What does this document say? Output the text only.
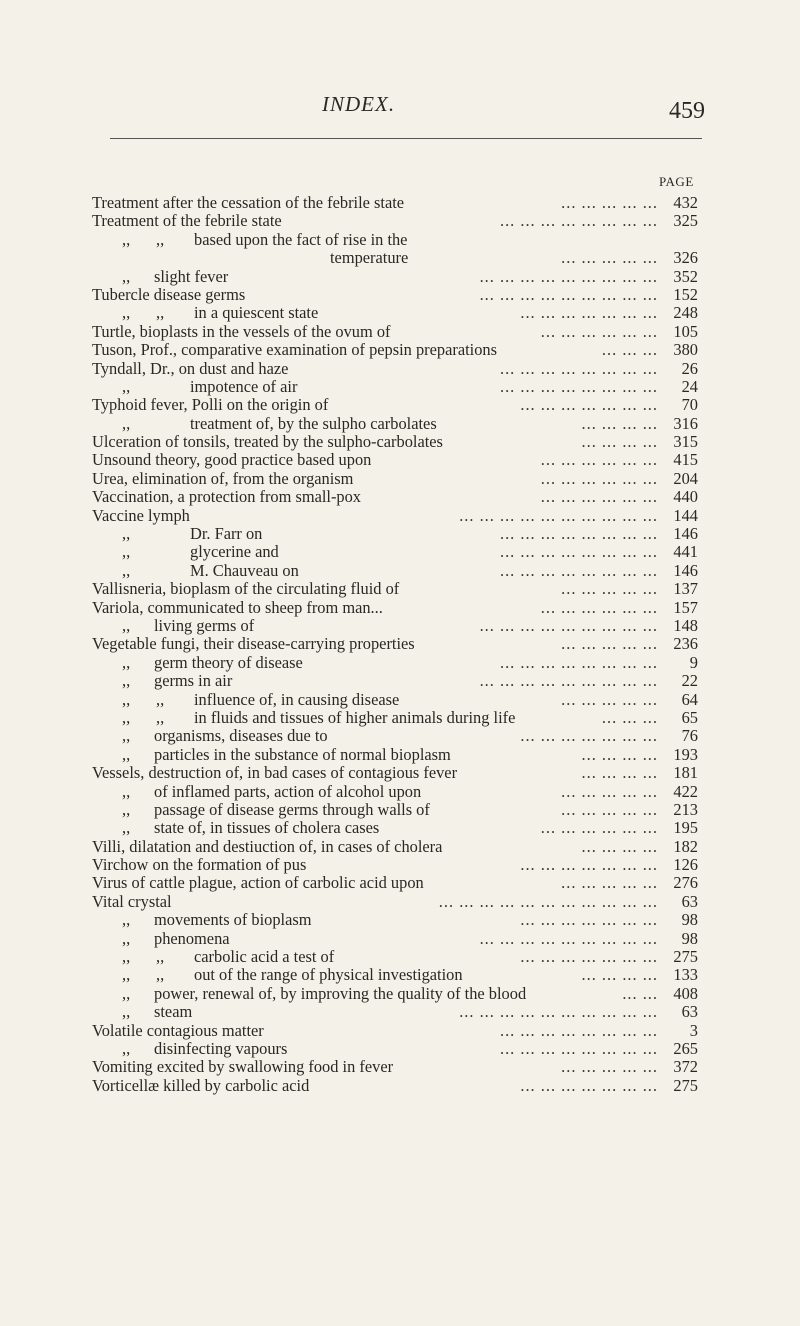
INDEX.	459
PAGE
Treatment after the cessation of the febrile state	432
... ... ... ... ...
Treatment of the febrile state	325
... ... ... ... ... ... ... ...
,, ,, based upon the fact of rise in the
temperature	326
... ... ... ... ...
,, slight fever	352
... ... ... ... ... ... ... ... ...
Tubercle disease germs	152
... ... ... ... ... ... ... ... ...
,, ,, in a quiescent state	248
... ... ... ... ... ... ...
Turtle, bioplasts in the vessels of the ovum of	105
... ... ... ... ... ...
Tuson, Prof., comparative examination of pepsin preparations	380
... ... ...
Tyndall, Dr., on dust and haze	26
... ... ... ... ... ... ... ...
,,	impotence of air	24
... ... ... ... ... ... ... ...
Typhoid fever, Polli on the origin of	70
... ... ... ... ... ... ...
,,	treatment of, by the sulpho carbolates	316
... ... ... ...
Ulceration of tonsils, treated by the sulpho-carbolates	315
... ... ... ...
Unsound theory, good practice based upon	415
... ... ... ... ... ...
Urea, elimination of, from the organism	204
... ... ... ... ... ...
Vaccination, a protection from small-pox	440
... ... ... ... ... ...
Vaccine lymph	144
... ... ... ... ... ... ... ... ... ...
,,	Dr. Farr on	146
... ... ... ... ... ... ... ...
,,	glycerine and	441
... ... ... ... ... ... ... ...
,,	M. Chauveau on	146
... ... ... ... ... ... ... ...
Vallisneria, bioplasm of the circulating fluid of	137
... ... ... ... ...
Variola, communicated to sheep from man...	157
... ... ... ... ... ...
,, living germs of	148
... ... ... ... ... ... ... ... ...
Vegetable fungi, their disease-carrying properties	236
... ... ... ... ...
,, germ theory of disease	9
... ... ... ... ... ... ... ...
,, germs in air	22
... ... ... ... ... ... ... ... ...
,, ,, influence of, in causing disease	64
... ... ... ... ...
,, ,, in fluids and tissues of higher animals during life	65
... ... ...
,, organisms, diseases due to	76
... ... ... ... ... ... ...
,, particles in the substance of normal bioplasm	193
... ... ... ...
Vessels, destruction of, in bad cases of contagious fever	181
... ... ... ...
,, of inflamed parts, action of alcohol upon	422
... ... ... ... ...
,, passage of disease germs through walls of	213
... ... ... ... ...
,, state of, in tissues of cholera cases	195
... ... ... ... ... ...
Villi, dilatation and destiuction of, in cases of cholera	182
... ... ... ...
Virchow on the formation of pus	126
... ... ... ... ... ... ...
Virus of cattle plague, action of carbolic acid upon	276
... ... ... ... ...
Vital crystal	63
... ... ... ... ... ... ... ... ... ... ...
,, movements of bioplasm	98
... ... ... ... ... ... ...
,, phenomena	98
... ... ... ... ... ... ... ... ...
,, ,, carbolic acid a test of	275
... ... ... ... ... ... ...
,, ,, out of the range of physical investigation	133
... ... ... ...
,, power, renewal of, by improving the quality of the blood	408
... ...
,, steam	63
... ... ... ... ... ... ... ... ... ...
Volatile contagious matter	3
... ... ... ... ... ... ... ...
,, disinfecting vapours	265
... ... ... ... ... ... ... ...
Vomiting excited by swallowing food in fever	372
... ... ... ... ...
Vorticellæ killed by carbolic acid	275
... ... ... ... ... ... ...
